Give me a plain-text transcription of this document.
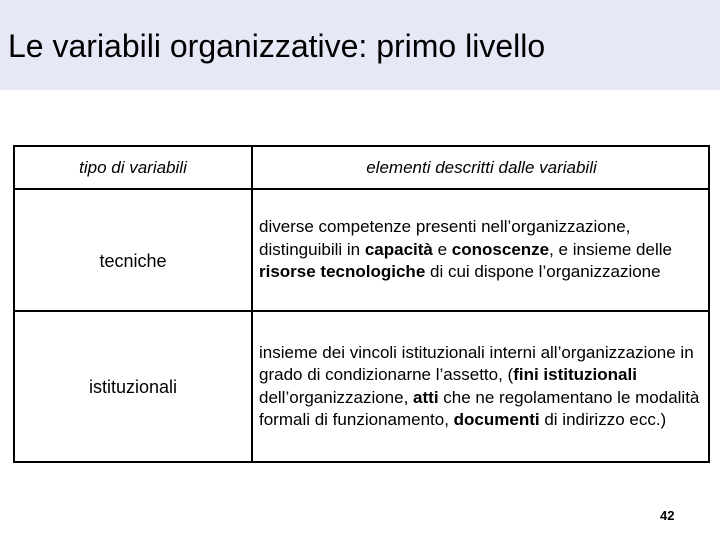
Le variabili organizzative: primo livello
tipo di variabili	elementi descritti dalle variabili
tecniche
diverse competenze presenti nell’organizzazione, distinguibili in capacità e conoscenze, e insieme delle risorse tecnologiche di cui dispone l’organizzazione
istituzionali
insieme dei vincoli istituzionali interni all’organizzazione in grado di condizionarne l’assetto, (fini istituzionali dell’organizzazione, atti che ne regolamentano le modalità formali di funzionamento, documenti di indirizzo ecc.)
42
